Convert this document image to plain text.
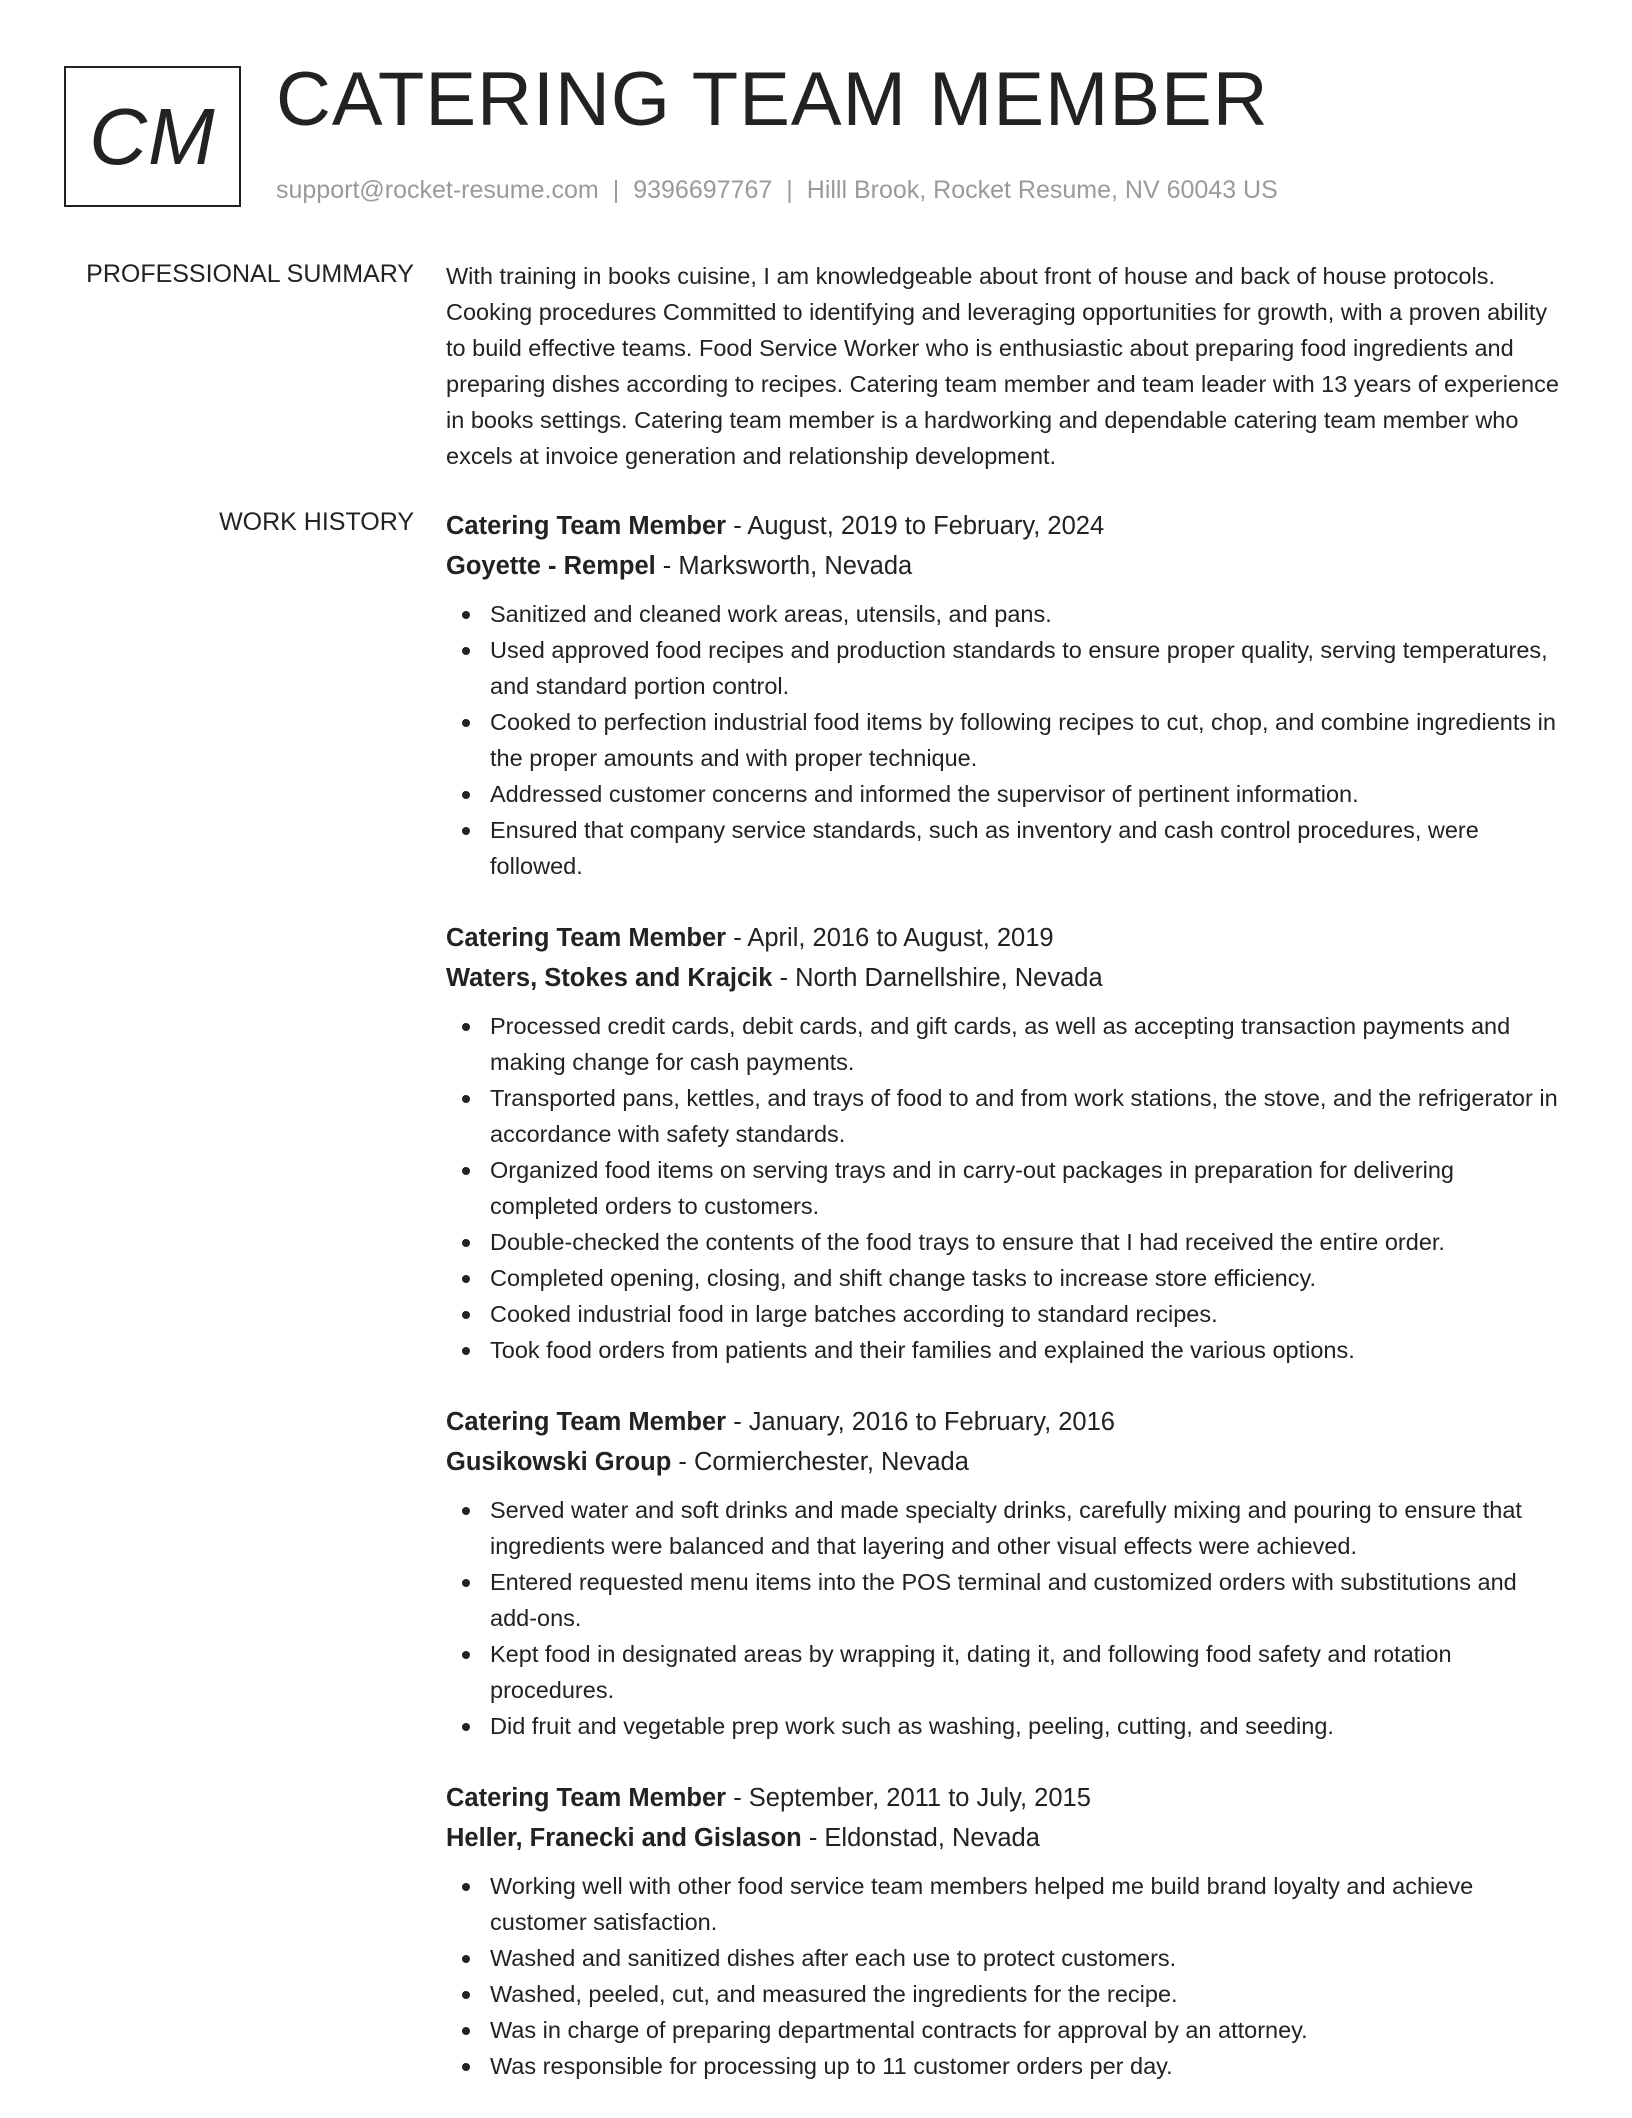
CM CATERING TEAM MEMBER
support@rocket-resume.com | 9396697767 | Hilll Brook, Rocket Resume, NV 60043 US
PROFESSIONAL SUMMARY With training in books cuisine, I am knowledgeable about front of house and back of house protocols. Cooking procedures Committed to identifying and leveraging opportunities for growth, with a proven ability to build effective teams. Food Service Worker who is enthusiastic about preparing food ingredients and preparing dishes according to recipes. Catering team member and team leader with 13 years of experience in books settings. Catering team member is a hardworking and dependable catering team member who excels at invoice generation and relationship development.
WORK HISTORY Catering Team Member - August, 2019 to February, 2024
Goyette - Rempel - Marksworth, Nevada
Sanitized and cleaned work areas, utensils, and pans.
Used approved food recipes and production standards to ensure proper quality, serving temperatures, and standard portion control.
Cooked to perfection industrial food items by following recipes to cut, chop, and combine ingredients in the proper amounts and with proper technique.
Addressed customer concerns and informed the supervisor of pertinent information.
Ensured that company service standards, such as inventory and cash control procedures, were followed.
Catering Team Member - April, 2016 to August, 2019
Waters, Stokes and Krajcik - North Darnellshire, Nevada
Processed credit cards, debit cards, and gift cards, as well as accepting transaction payments and making change for cash payments.
Transported pans, kettles, and trays of food to and from work stations, the stove, and the refrigerator in accordance with safety standards.
Organized food items on serving trays and in carry-out packages in preparation for delivering completed orders to customers.
Double-checked the contents of the food trays to ensure that I had received the entire order.
Completed opening, closing, and shift change tasks to increase store efficiency.
Cooked industrial food in large batches according to standard recipes.
Took food orders from patients and their families and explained the various options.
Catering Team Member - January, 2016 to February, 2016
Gusikowski Group - Cormierchester, Nevada
Served water and soft drinks and made specialty drinks, carefully mixing and pouring to ensure that ingredients were balanced and that layering and other visual effects were achieved.
Entered requested menu items into the POS terminal and customized orders with substitutions and add-ons.
Kept food in designated areas by wrapping it, dating it, and following food safety and rotation procedures.
Did fruit and vegetable prep work such as washing, peeling, cutting, and seeding.
Catering Team Member - September, 2011 to July, 2015
Heller, Franecki and Gislason - Eldonstad, Nevada
Working well with other food service team members helped me build brand loyalty and achieve customer satisfaction.
Washed and sanitized dishes after each use to protect customers.
Washed, peeled, cut, and measured the ingredients for the recipe.
Was in charge of preparing departmental contracts for approval by an attorney.
Was responsible for processing up to 11 customer orders per day.
